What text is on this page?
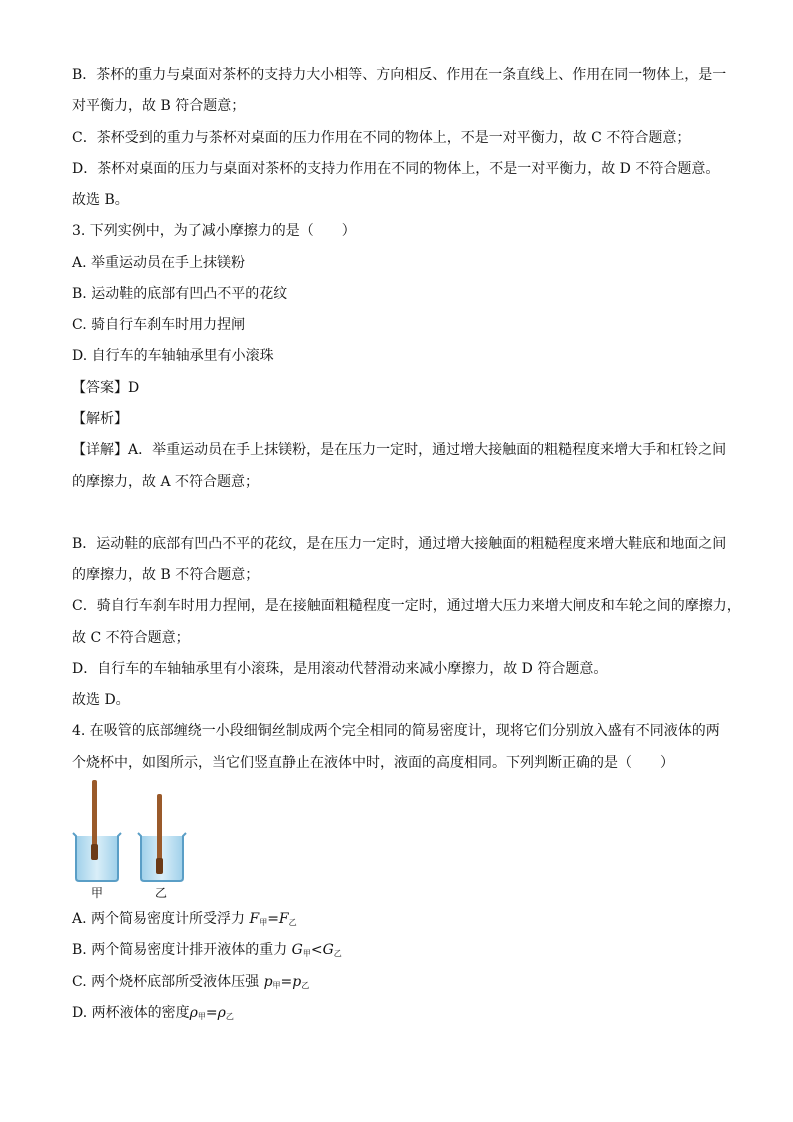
B．茶杯的重力与桌面对茶杯的支持力大小相等、方向相反、作用在一条直线上、作用在同一物体上，是一
对平衡力，故 B 符合题意；
C．茶杯受到的重力与茶杯对桌面的压力作用在不同的物体上，不是一对平衡力，故 C 不符合题意；
D．茶杯对桌面的压力与桌面对茶杯的支持力作用在不同的物体上，不是一对平衡力，故 D 不符合题意。
故选 B。
3. 下列实例中，为了减小摩擦力的是（　　）
A. 举重运动员在手上抹镁粉
B. 运动鞋的底部有凹凸不平的花纹
C. 骑自行车刹车时用力捏闸
D. 自行车的车轴轴承里有小滚珠
【答案】D
【解析】
【详解】A．举重运动员在手上抹镁粉，是在压力一定时，通过增大接触面的粗糙程度来增大手和杠铃之间
的摩擦力，故 A 不符合题意；
B．运动鞋的底部有凹凸不平的花纹，是在压力一定时，通过增大接触面的粗糙程度来增大鞋底和地面之间
的摩擦力，故 B 不符合题意；
C．骑自行车刹车时用力捏闸，是在接触面粗糙程度一定时，通过增大压力来增大闸皮和车轮之间的摩擦力，
故 C 不符合题意；
D．自行车的车轴轴承里有小滚珠，是用滚动代替滑动来减小摩擦力，故 D 符合题意。
故选 D。
4. 在吸管的底部缠绕一小段细铜丝制成两个完全相同的简易密度计，现将它们分别放入盛有不同液体的两
个烧杯中，如图所示，当它们竖直静止在液体中时，液面的高度相同。下列判断正确的是（　　）
甲	乙
A. 两个简易密度计所受浮力 $F_甲=F_乙$
B. 两个简易密度计排开液体的重力 $G_甲<G_乙$
C. 两个烧杯底部所受液体压强 $p_甲=p_乙$
D. 两杯液体的密度$\rho_甲=\rho_乙$
